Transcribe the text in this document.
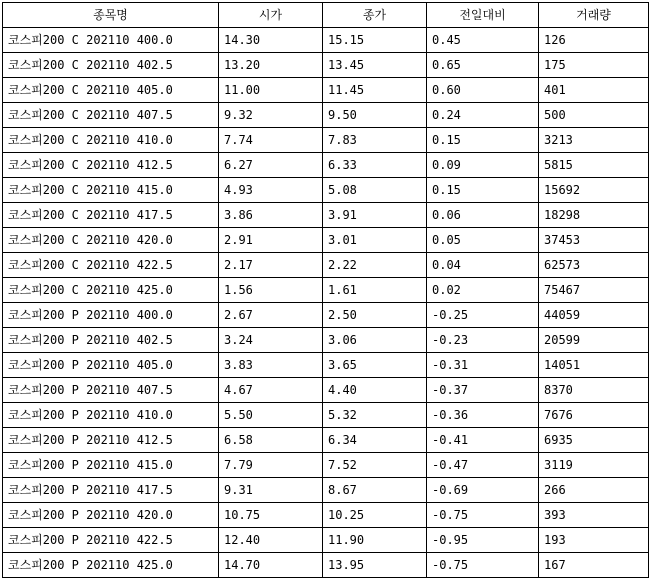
종목명	시가	종가	전일대비	거래량
코스피200 C 202110 400.0	14.30	15.15	0.45	126
코스피200 C 202110 402.5	13.20	13.45	0.65	175
코스피200 C 202110 405.0	11.00	11.45	0.60	401
코스피200 C 202110 407.5	9.32	9.50	0.24	500
코스피200 C 202110 410.0	7.74	7.83	0.15	3213
코스피200 C 202110 412.5	6.27	6.33	0.09	5815
코스피200 C 202110 415.0	4.93	5.08	0.15	15692
코스피200 C 202110 417.5	3.86	3.91	0.06	18298
코스피200 C 202110 420.0	2.91	3.01	0.05	37453
코스피200 C 202110 422.5	2.17	2.22	0.04	62573
코스피200 C 202110 425.0	1.56	1.61	0.02	75467
코스피200 P 202110 400.0	2.67	2.50	-0.25	44059
코스피200 P 202110 402.5	3.24	3.06	-0.23	20599
코스피200 P 202110 405.0	3.83	3.65	-0.31	14051
코스피200 P 202110 407.5	4.67	4.40	-0.37	8370
코스피200 P 202110 410.0	5.50	5.32	-0.36	7676
코스피200 P 202110 412.5	6.58	6.34	-0.41	6935
코스피200 P 202110 415.0	7.79	7.52	-0.47	3119
코스피200 P 202110 417.5	9.31	8.67	-0.69	266
코스피200 P 202110 420.0	10.75	10.25	-0.75	393
코스피200 P 202110 422.5	12.40	11.90	-0.95	193
코스피200 P 202110 425.0	14.70	13.95	-0.75	167
